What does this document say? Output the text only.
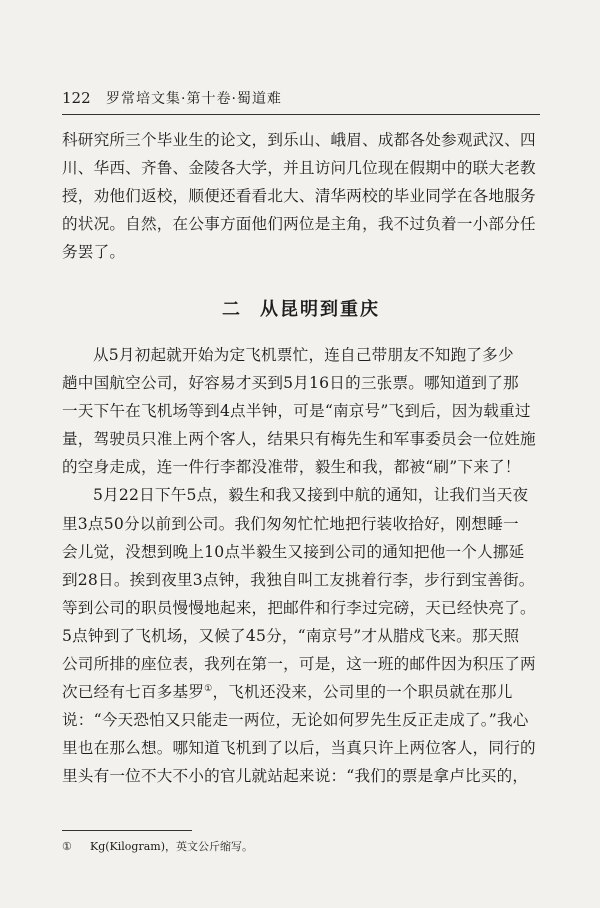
122 罗常培文集·第十卷·蜀道难
科研究所三个毕业生的论文，到乐山、峨眉、成都各处参观武汉、四
川、华西、齐鲁、金陵各大学，并且访问几位现在假期中的联大老教
授，劝他们返校，顺便还看看北大、清华两校的毕业同学在各地服务
的状况。自然，在公事方面他们两位是主角，我不过负着一小部分任
务罢了。
二 从昆明到重庆
从5月初起就开始为定飞机票忙，连自己带朋友不知跑了多少
趟中国航空公司，好容易才买到5月16日的三张票。哪知道到了那
一天下午在飞机场等到4点半钟，可是“南京号”飞到后，因为载重过
量，驾驶员只准上两个客人，结果只有梅先生和军事委员会一位姓施
的空身走成，连一件行李都没准带，毅生和我，都被“刷”下来了！
5月22日下午5点，毅生和我又接到中航的通知，让我们当天夜
里3点50分以前到公司。我们匆匆忙忙地把行装收拾好，刚想睡一
会儿觉，没想到晚上10点半毅生又接到公司的通知把他一个人挪延
到28日。挨到夜里3点钟，我独自叫工友挑着行李，步行到宝善街。
等到公司的职员慢慢地起来，把邮件和行李过完磅，天已经快亮了。
5点钟到了飞机场，又候了45分，“南京号”才从腊戍飞来。那天照
公司所排的座位表，我列在第一，可是，这一班的邮件因为积压了两
次已经有七百多基罗①，飞机还没来，公司里的一个职员就在那儿
说：“今天恐怕又只能走一两位，无论如何罗先生反正走成了。”我心
里也在那么想。哪知道飞机到了以后，当真只许上两位客人，同行的
里头有一位不大不小的官儿就站起来说：“我们的票是拿卢比买的，
① Kg(Kilogram)，英文公斤缩写。
